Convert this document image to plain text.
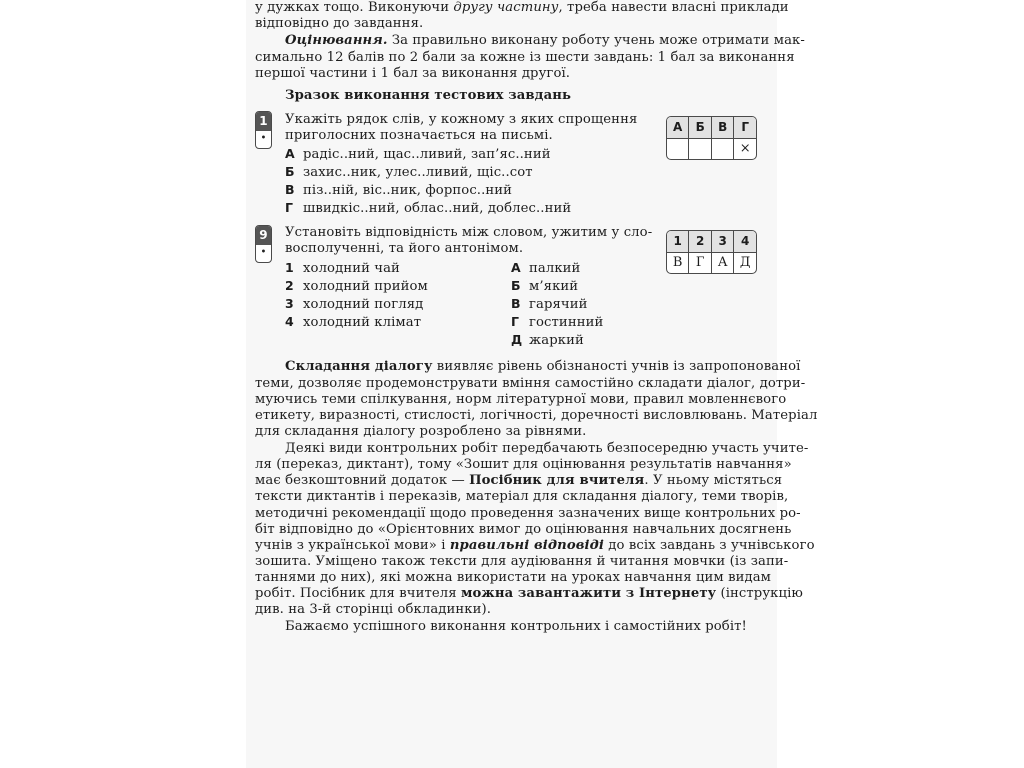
у дужках тощо. Виконуючи другу частину, треба навести власні приклади
відповідно до завдання.
Оцінювання. За правильно виконану роботу учень може отримати мак-
симально 12 балів по 2 бали за кожне із шести завдань: 1 бал за виконання
першої частини і 1 бал за виконання другої.
Зразок виконання тестових завдань
1
•
Укажіть рядок слів, у кожному з яких спрощення
приголосних позначається на письмі.
А радіс..ний, щас..ливий, зап’яс..ний
Б захис..ник, улес..ливий, щіс..сот
В піз..ній, віс..ник, форпос..ний
Г швидкіс..ний, облас..ний, доблес..ний
А	Б	В	Г
			×
9
•
Установіть відповідність між словом, ужитим у сло-
восполученні, та його антонімом.
1 холодний чай
2 холодний прийом
3 холодний погляд
4 холодний клімат
А палкий
Б м’який
В гарячий
Г гостинний
Д жаркий
1	2	3	4
В	Г	А	Д
Складання діалогу виявляє рівень обізнаності учнів із запропонованої
теми, дозволяє продемонструвати вміння самостійно складати діалог, дотри-
муючись теми спілкування, норм літературної мови, правил мовленнєвого
етикету, виразності, стислості, логічності, доречності висловлювань. Матеріал
для складання діалогу розроблено за рівнями.
Деякі види контрольних робіт передбачають безпосередню участь учите-
ля (переказ, диктант), тому «Зошит для оцінювання результатів навчання»
має безкоштовний додаток — Посібник для вчителя. У ньому містяться
тексти диктантів і переказів, матеріал для складання діалогу, теми творів,
методичні рекомендації щодо проведення зазначених вище контрольних ро-
біт відповідно до «Орієнтовних вимог до оцінювання навчальних досягнень
учнів з української мови» і правильні відповіді до всіх завдань з учнівського
зошита. Уміщено також тексти для аудіювання й читання мовчки (із запи-
таннями до них), які можна використати на уроках навчання цим видам
робіт. Посібник для вчителя можна завантажити з Інтернету (інструкцію
див. на 3-й сторінці обкладинки).
Бажаємо успішного виконання контрольних і самостійних робіт!
